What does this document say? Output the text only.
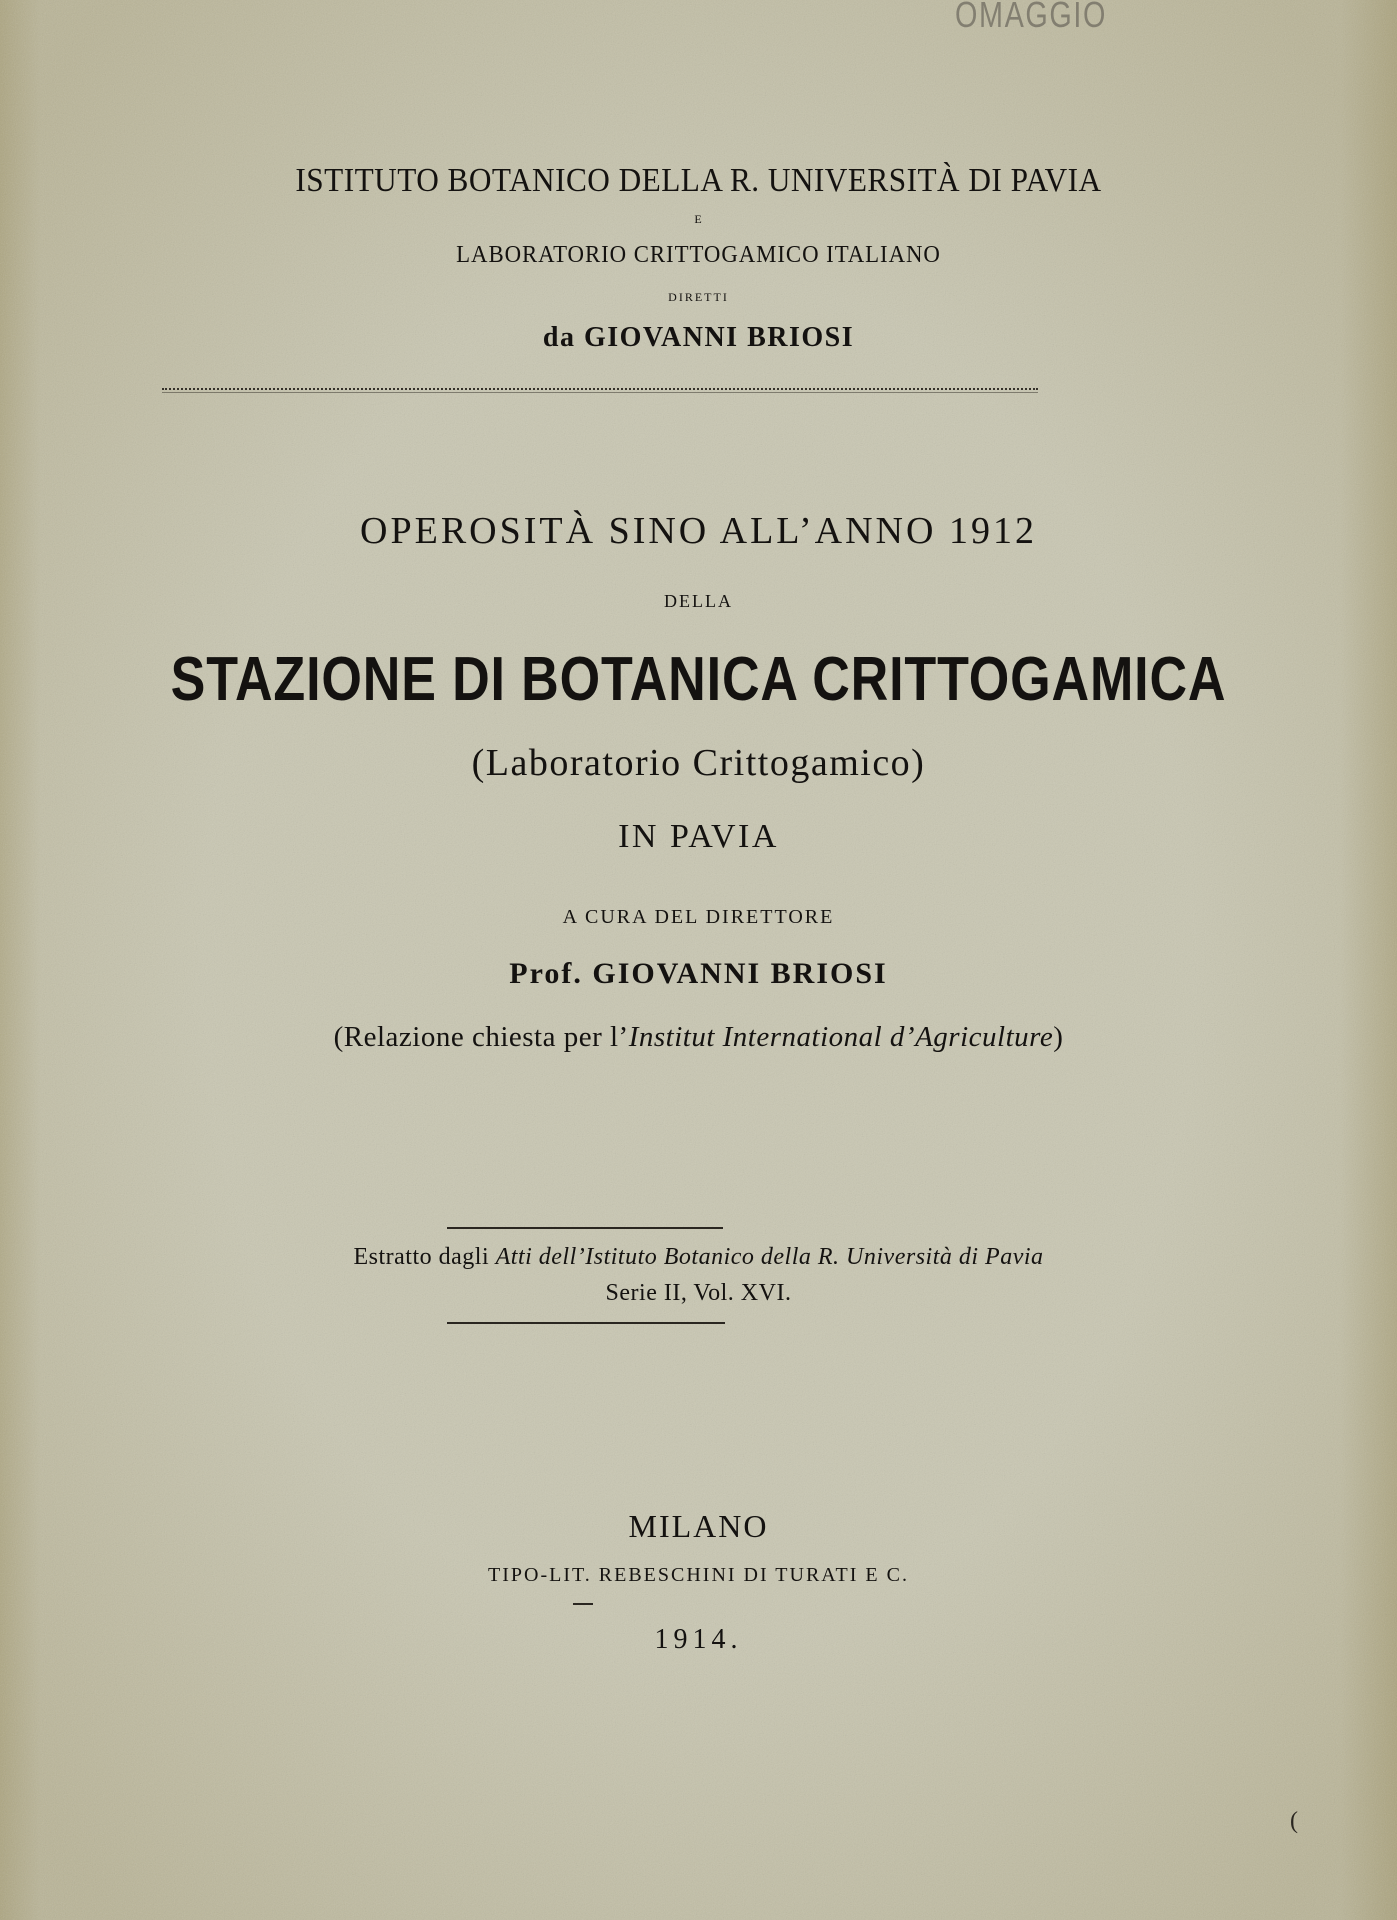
OMAGGIO
ISTITUTO BOTANICO DELLA R. UNIVERSITÀ DI PAVIA
E
LABORATORIO CRITTOGAMICO ITALIANO
DIRETTI
da GIOVANNI BRIOSI
OPEROSITÀ SINO ALL’ANNO 1912
DELLA
STAZIONE DI BOTANICA CRITTOGAMICA
(Laboratorio Crittogamico)
IN PAVIA
A CURA DEL DIRETTORE
Prof. GIOVANNI BRIOSI
(Relazione chiesta per l’Institut International d’Agriculture)
Estratto dagli Atti dell’Istituto Botanico della R. Università di Pavia
Serie II, Vol. XVI.
MILANO
TIPO-LIT. REBESCHINI DI TURATI E C.
1914.
(
